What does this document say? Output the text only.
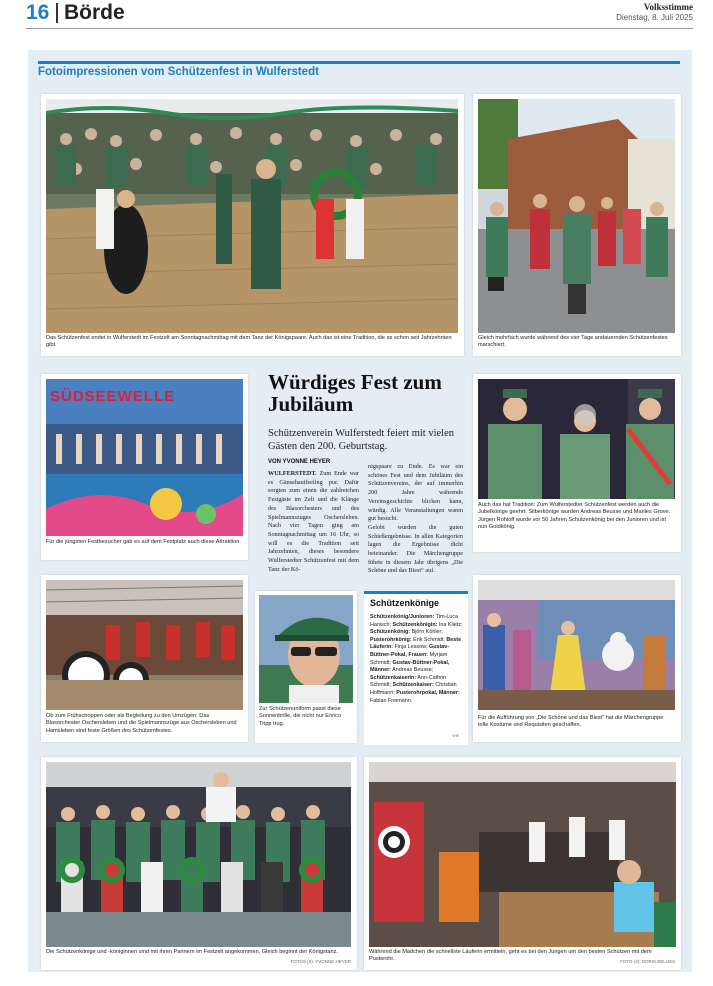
16 Börde	Volksstimme
Dienstag, 8. Juli 2025
Fotoimpressionen vom Schützenfest in Wulferstedt
Das Schützenfest endet in Wulferstedt im Festzelt am Sonntagnachmittag mit dem Tanz der Königspaare. Auch das ist eine Tradition, die es schon seit Jahrzehnten gibt.
Gleich mehrfach wurde während des vier Tage andauernden Schützenfestes marschiert.
SÜDSEEWELLE
Für die jüngsten Festbesucher gab es auf dem Festplatz auch diese Attraktion.
Würdiges Fest zum Jubiläum
Schützenverein Wulferstedt feiert mit vielen Gästen den 200. Geburtstag.
VON YVONNE HEYER
WULFERSTEDT. Zum Ende war es Gänsehautfeeling pur. Dafür sorgten zum einen die zahlreichen Festgäste im Zelt und die Klänge des Blasorchesters und des Spielmannszuges Oschersleben. Nach vier Tagen ging am Sonntagnachmittag um 16 Uhr, so will es die Tradition seit Jahrzehnten, dieses besondere Wulferstedter Schützenfest mit dem Tanz der Kö-
nigspaare zu Ende. Es war ein schönes Fest und dem Jubiläum des Schützenvereins, der auf immerhin 200 Jahre währende Vereinsgeschichte blicken kann, würdig. Alle Veranstaltungen waren gut besucht.
Gelobt wurden die guten Schießergebnisse. In allen Kategorien lagen die Ergebnisse dicht beieinander. Die Märchengruppe führte in diesem Jahr übrigens „Die Schöne und das Biest“ auf.
Auch das hat Tradition: Zum Wulferstedter Schützenfest werden auch die Jubelkönige geehrt: Silberkönige wurden Andreas Beusse und Marlies Grove. Jürgen Rohloff wurde vor 50 Jahren Schützenkönig bei den Junioren und ist nun Goldkönig.
Ob zum Frühschoppen oder als Begleitung zu den Umzügen: Das Blasorchester Oschersleben und die Spielmannszüge aus Oschersleben und Hamsleben sind feste Größen des Schützenfestes.
Zur Schützenuniform passt diese Sonnenbrille, die nicht nur Enrico Tripp trug.
Schützenkönige
Schützenkönig/Junioren: Tim-Luca Hanisch; Schützenkönigin: Ina Klietz; Schützenkönig: Björn Köhler; Pusterohrkönig: Erik Schmidt; Beste Läuferin: Finja Lessow; Gustav-Büttner-Pokal, Frauen: Myrjam Schmidt; Gustav-Büttner-Pokal, Männer: Andreas Beusse; Schützenkaiserin: Ann-Cathrin Schmidt; Schützenkaiser: Christian Hoffmann; Pusterohrpokal, Männer: Fabian Freimann.
YHE
Für die Aufführung von „Die Schöne und das Biest“ hat die Märchengruppe tolle Kostüme und Requisiten geschaffen.
Die Schützenkönige und -königinnen sind mit ihren Pannern im Festzelt angekommen. Gleich beginnt der Königstanz.
FOTOS (6): YVONNE HEYER
Während die Mädchen die schnellste Läuferin ermitteln, geht es bei den Jungen um den besten Schützen mit dem Pusterohr.	FOTO (4): DORIS BELUSS
